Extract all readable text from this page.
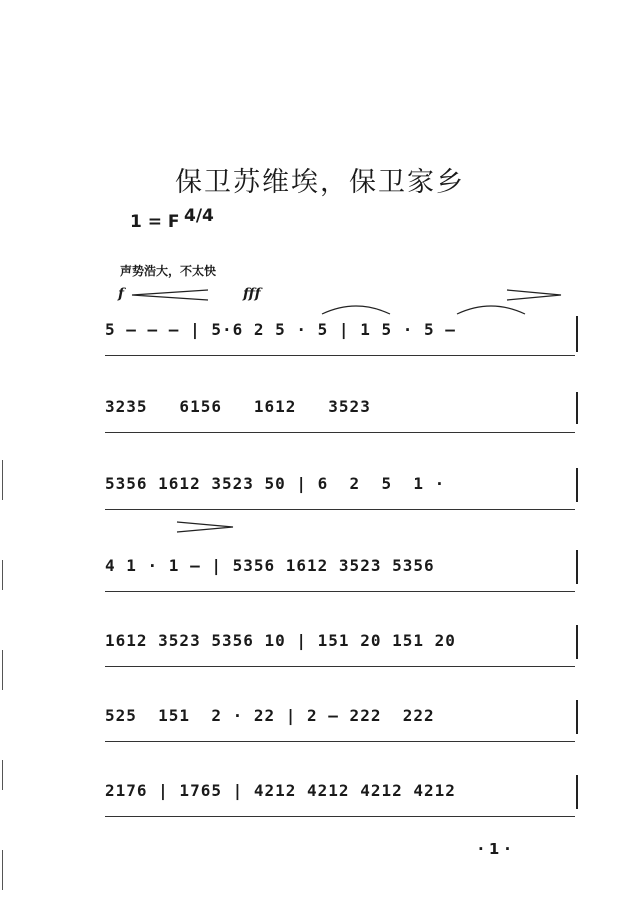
保卫苏维埃，保卫家乡
1 = F 4/4
声势浩大，不太快
f	fff
5 — — — | 5·6 2 5 · 5 | 1 5 · 5 —
3235   6156   1612   3523
5356 1612 3523 50 | 6  2  5  1 ·
4 1 · 1 — | 5356 1612 3523 5356
1612 3523 5356 10 | 151 20 151 20
525  151  2 · 22 | 2 — 222  222
2176 | 1765 | 4212 4212 4212 4212
· 1 ·
